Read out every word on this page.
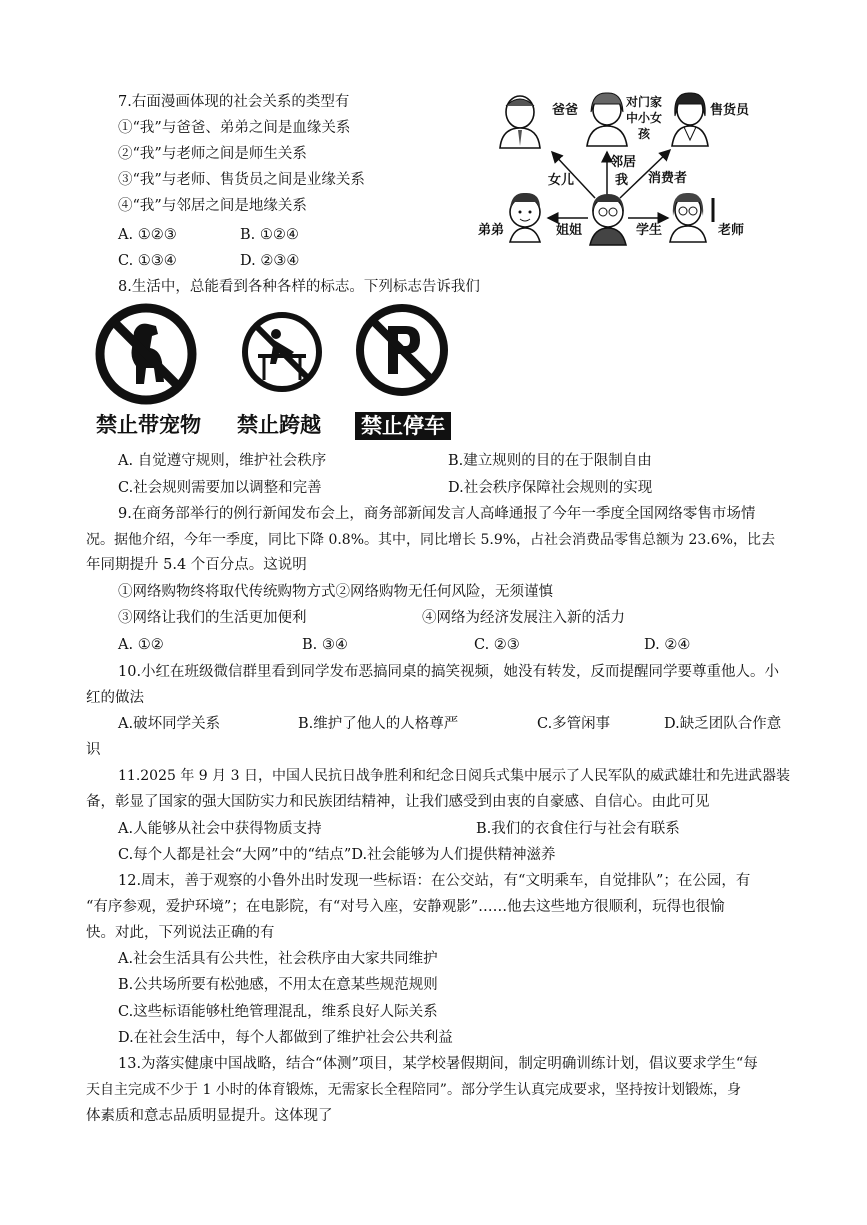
7.右面漫画体现的社会关系的类型有
①“我”与爸爸、弟弟之间是血缘关系
②“我”与老师之间是师生关系
③“我”与老师、售货员之间是业缘关系
④“我”与邻居之间是地缘关系
A. ①②③	B. ①②④
C. ①③④	D. ②③④
爸爸
对门家
中小女
孩
售货员
女儿
邻居
我 消费者
弟弟	姐姐	学生	老师
8.生活中，总能看到各种各样的标志。下列标志告诉我们
禁止带宠物 禁止跨越 禁止停车
A. 自觉遵守规则，维护社会秩序	B.建立规则的目的在于限制自由
C.社会规则需要加以调整和完善	D.社会秩序保障社会规则的实现
9.在商务部举行的例行新闻发布会上，商务部新闻发言人高峰通报了今年一季度全国网络零售市场情
况。据他介绍，今年一季度，同比下降 0.8%。其中，同比增长 5.9%，占社会消费品零售总额为 23.6%，比去
年同期提升 5.4 个百分点。这说明
①网络购物终将取代传统购物方式②网络购物无任何风险，无须谨慎
③网络让我们的生活更加便利	④网络为经济发展注入新的活力
A. ①②	B. ③④	C. ②③	D. ②④
10.小红在班级微信群里看到同学发布恶搞同桌的搞笑视频，她没有转发，反而提醒同学要尊重他人。小
红的做法
A.破坏同学关系	B.维护了他人的人格尊严	C.多管闲事	D.缺乏团队合作意
识
11.2025 年 9 月 3 日，中国人民抗日战争胜利和纪念日阅兵式集中展示了人民军队的威武雄壮和先进武器装
备，彰显了国家的强大国防实力和民族团结精神，让我们感受到由衷的自豪感、自信心。由此可见
A.人能够从社会中获得物质支持	B.我们的衣食住行与社会有联系
C.每个人都是社会“大网”中的“结点”D.社会能够为人们提供精神滋养
12.周末，善于观察的小鲁外出时发现一些标语：在公交站，有“文明乘车，自觉排队”；在公园，有
“有序参观，爱护环境”；在电影院，有“对号入座，安静观影”……他去这些地方很顺利，玩得也很愉
快。对此，下列说法正确的有
A.社会生活具有公共性，社会秩序由大家共同维护
B.公共场所要有松弛感，不用太在意某些规范规则
C.这些标语能够杜绝管理混乱，维系良好人际关系
D.在社会生活中，每个人都做到了维护社会公共利益
13.为落实健康中国战略，结合“体测”项目，某学校暑假期间，制定明确训练计划，倡议要求学生“每
天自主完成不少于 1 小时的体育锻炼，无需家长全程陪同”。部分学生认真完成要求，坚持按计划锻炼，身
体素质和意志品质明显提升。这体现了
